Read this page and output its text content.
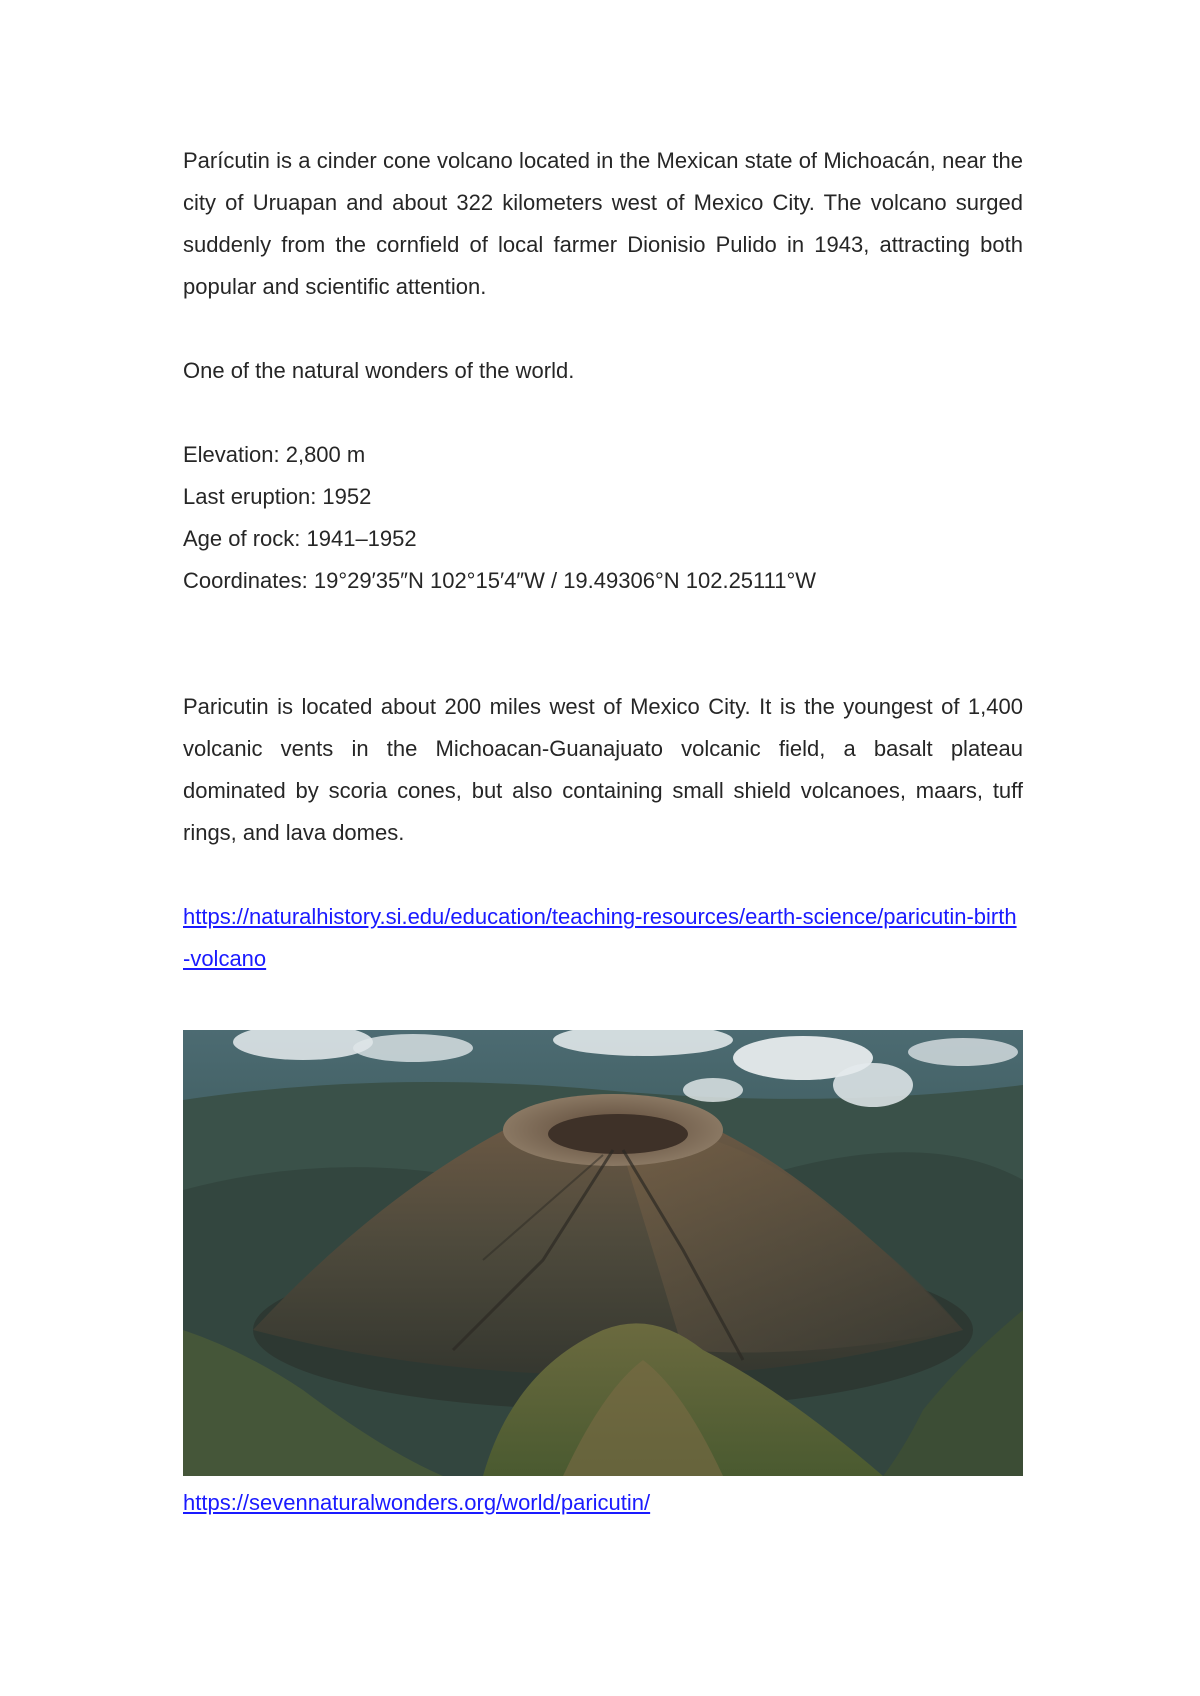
Parícutin is a cinder cone volcano located in the Mexican state of Michoacán, near the city of Uruapan and about 322 kilometers west of Mexico City. The volcano surged suddenly from the cornfield of local farmer Dionisio Pulido in 1943, attracting both popular and scientific attention.

One of the natural wonders of the world.

Elevation: 2,800 m

Last eruption: 1952

Age of rock: 1941–1952

Coordinates: 19°29′35″N 102°15′4″W / 19.49306°N 102.25111°W

Paricutin is located about 200 miles west of Mexico City. It is the youngest of 1,400 volcanic vents in the Michoacan-Guanajuato volcanic field, a basalt plateau dominated by scoria cones, but also containing small shield volcanoes, maars, tuff rings, and lava domes.

https://naturalhistory.si.edu/education/teaching-resources/earth-science/paricutin-birth-volcano

https://sevennaturalwonders.org/world/paricutin/
